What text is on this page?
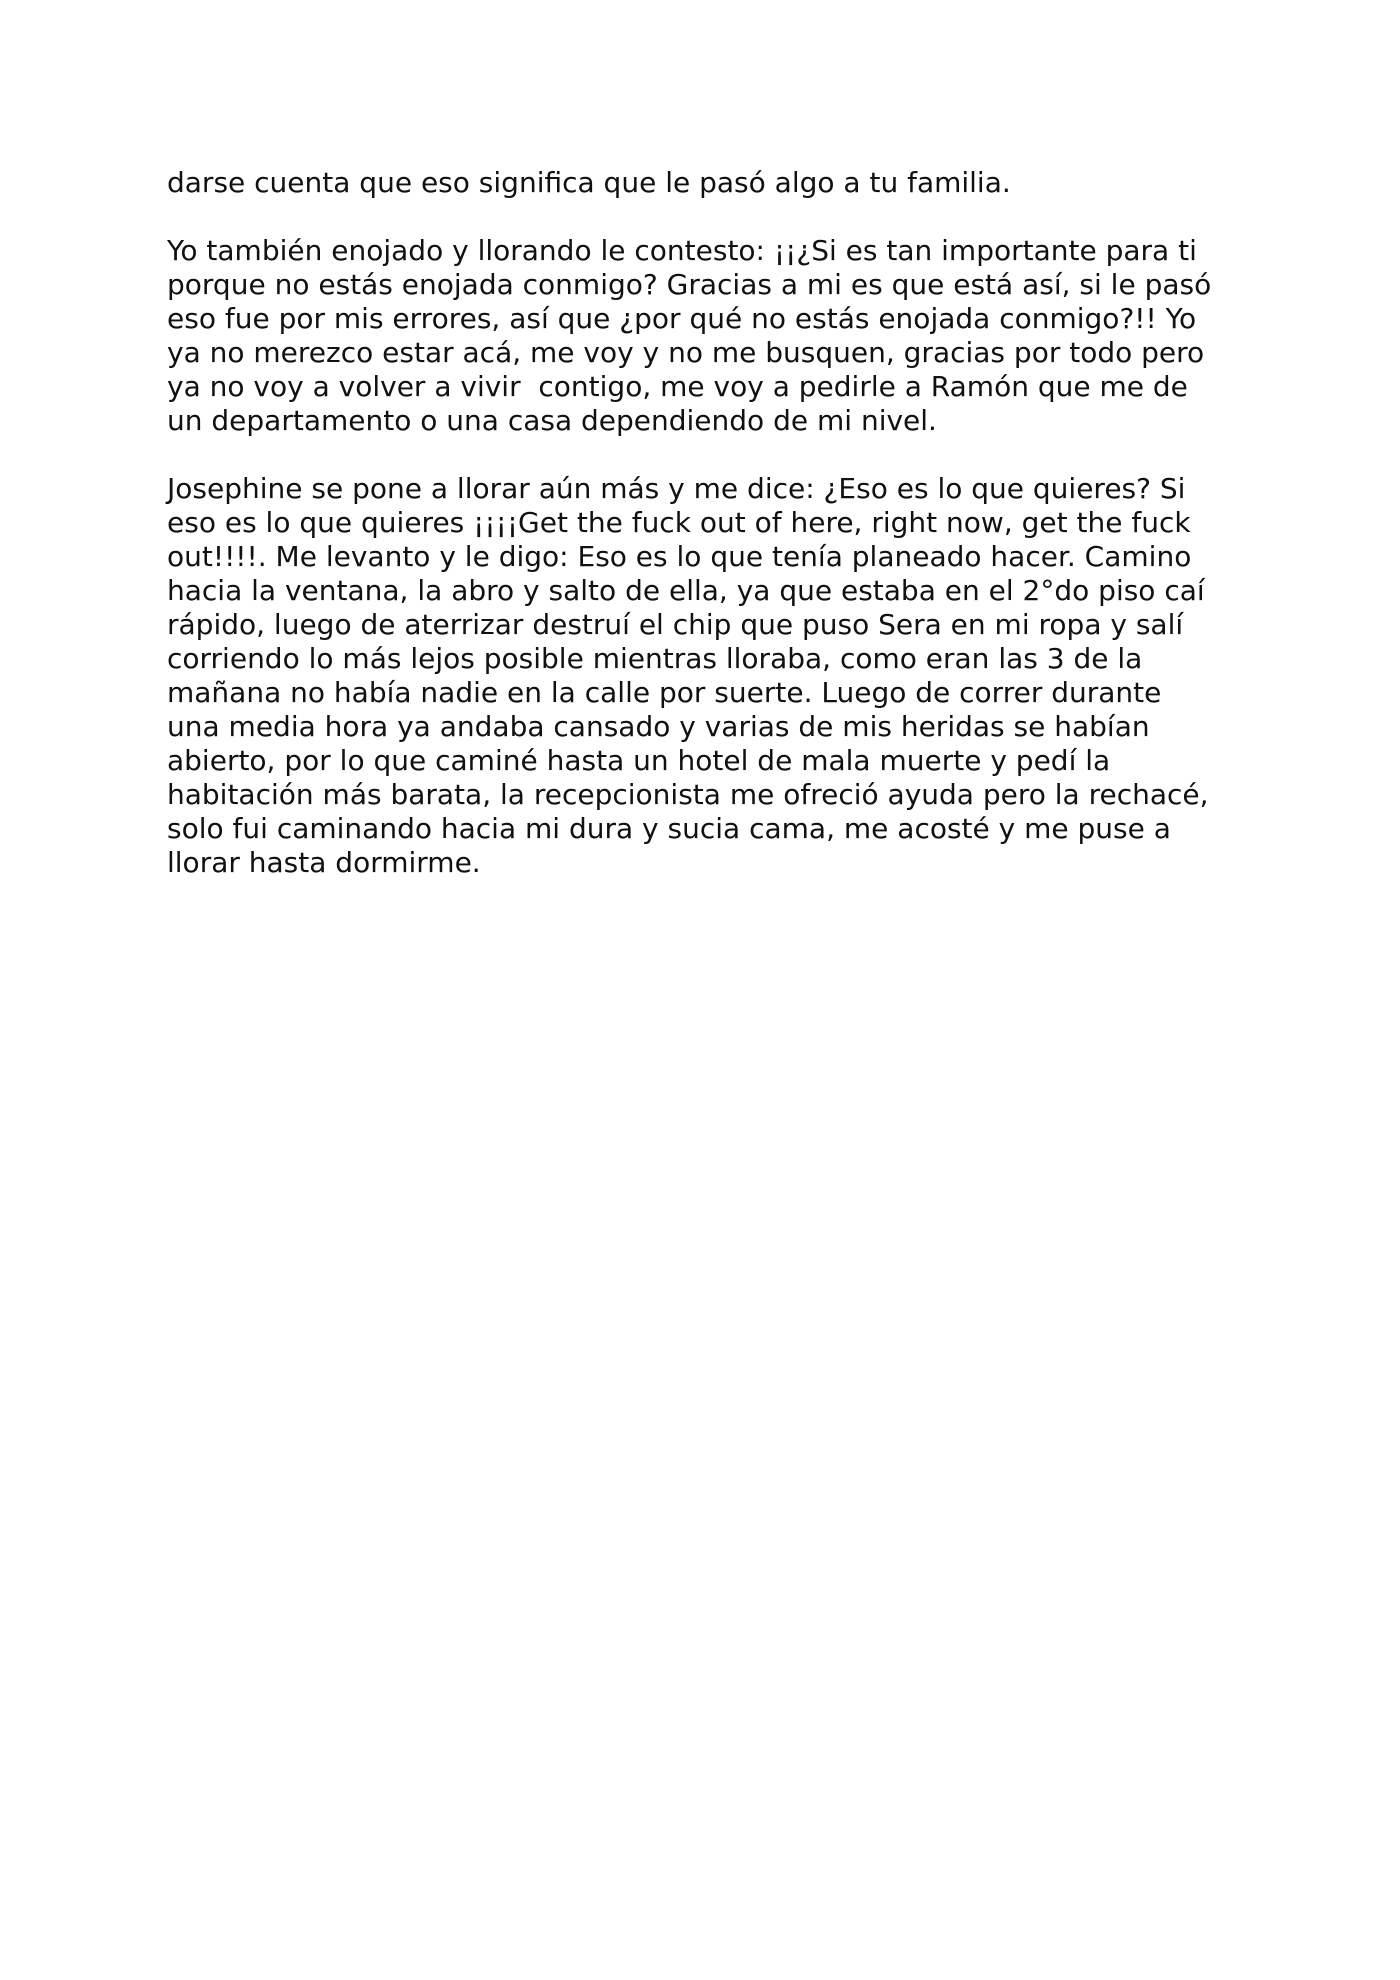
darse cuenta que eso significa que le pasó algo a tu familia.
Yo también enojado y llorando le contesto: ¡¡¿Si es tan importante para ti
porque no estás enojada conmigo? Gracias a mi es que está así, si le pasó
eso fue por mis errores, así que ¿por qué no estás enojada conmigo?!! Yo
ya no merezco estar acá, me voy y no me busquen, gracias por todo pero
ya no voy a volver a vivir  contigo, me voy a pedirle a Ramón que me de
un departamento o una casa dependiendo de mi nivel.
Josephine se pone a llorar aún más y me dice: ¿Eso es lo que quieres? Si
eso es lo que quieres ¡¡¡¡Get the fuck out of here, right now, get the fuck
out!!!!. Me levanto y le digo: Eso es lo que tenía planeado hacer. Camino
hacia la ventana, la abro y salto de ella, ya que estaba en el 2°do piso caí
rápido, luego de aterrizar destruí el chip que puso Sera en mi ropa y salí
corriendo lo más lejos posible mientras lloraba, como eran las 3 de la
mañana no había nadie en la calle por suerte. Luego de correr durante
una media hora ya andaba cansado y varias de mis heridas se habían
abierto, por lo que caminé hasta un hotel de mala muerte y pedí la
habitación más barata, la recepcionista me ofreció ayuda pero la rechacé,
solo fui caminando hacia mi dura y sucia cama, me acosté y me puse a
llorar hasta dormirme.
